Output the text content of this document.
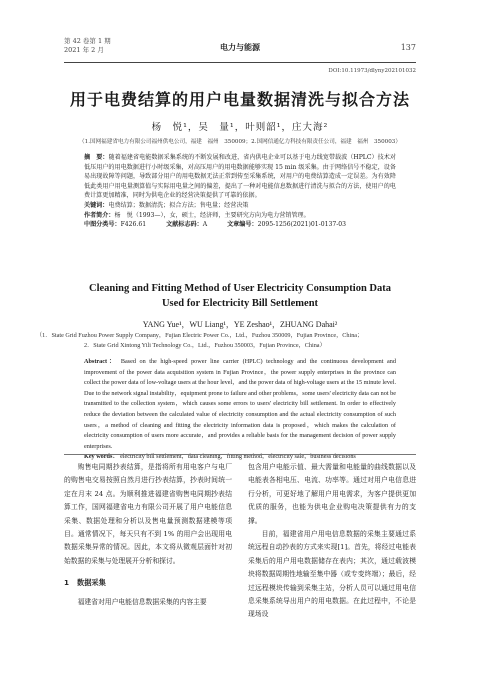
第 42 卷第 1 期
2021 年 2 月	电力与能源	137
DOI:10.11973/dlyny202101032
用于电费结算的用户电量数据清洗与拟合方法
杨　悦¹，吴　量¹，叶则韶¹，庄大海²
（1.国网福建省电力有限公司福州供电公司，福建　福州　350009；2.国网信通亿力科技有限责任公司，福建　福州　350003）

摘　要：随着福建省电能数据采集系统的不断发展和改进，省内供电企业可以基于电力线宽带载波（HPLC）技术对低压用户的用电数据进行小时级采集，对高压用户的用电数据能够实现 15 min 级采集。由于网络信号不稳定，设备易出现故障等问题，导致部分用户的用电数据无法正常到传至采集系统，对用户的电费结算造成一定误差。为有效降低此类用户用电量测算值与实际用电量之间的偏差，提出了一种对电能信息数据进行清洗与拟合的方法，使用户的电费计算更加精准，同时为供电企业的经营决策提供了可靠的依据。

关键词：电费结算；数据清洗；拟合方法；售电量；经营决策

作者简介：杨　悦（1993—），女，硕士，经济师，主要研究方向为电力营销管理。

中图分类号：F426.61	文献标志码：A	文章编号：2095-1256(2021)01-0137-03

Cleaning and Fitting Method of User Electricity Consumption Data
Used for Electricity Bill Settlement
YANG Yue¹，WU Liang¹，YE Zeshao¹，ZHUANG Dahai²
（1．State Grid Fuzhou Power Supply Company，Fujian Electric Power Co.，Ltd.，Fuzhou 350009，Fujian Province，China；
2．State Grid Xintong Yili Technology Co.，Ltd.，Fuzhou 350003，Fujian Province，China）

Abstract： Based on the high-speed power line carrier (HPLC) technology and the continuous development and improvement of the power data acquisition system in Fujian Province，the power supply enterprises in the province can collect the power data of low-voltage users at the hour level，and the power data of high-voltage users at the 15 minute level. Due to the network signal instability，equipment prone to failure and other problems，some users' electricity data can not be transmitted to the collection system，which causes some errors to users' electricity bill settlement. In order to effectively reduce the deviation between the calculated value of electricity consumption and the actual electricity consumption of such users，a method of cleaning and fitting the electricity information data is proposed，which makes the calculation of electricity consumption of users more accurate，and provides a reliable basis for the management decision of power supply enterprises.

Key words： electricity bill settlement，data cleaning，fitting method，electricity sale，business decisions

购售电同期抄表结算，是指将所有用电客户与电厂的购售电交易按照自然月进行抄表结算，抄表时间统一定在月末 24 点。为顺利推进福建省购售电同期抄表结算工作，国网福建省电力有限公司开展了用户电能信息采集、数据处理和分析以及售电量预测数据建模等项目。通常情况下，每天只有不到 1% 的用户会出现用电数据采集异常的情况。因此，本文将从微观层面针对初始数据的采集与处理展开分析和探讨。

1 数据采集

福建省对用户电能信息数据采集的内容主要

包含用户电能示值、最大需量和电能量的曲线数据以及电能表各相电压、电流、功率等。通过对用户电信息进行分析，可更好地了解用户用电需求，为客户提供更加优质的服务，也能为供电企业购电决策提供有力的支撑。

目前，福建省用户用电信息数据的采集主要通过系统远程自动抄表的方式来实现[1]。首先，将经过电能表采集后的用户用电数据储存在表内；其次，通过载波模块将数据周期性地输至集中器（或专变终端）；最后，经过远程模块传输到采集主站，分析人员可以通过用电信息采集系统导出用户的用电数据。在此过程中，不论是现场设
